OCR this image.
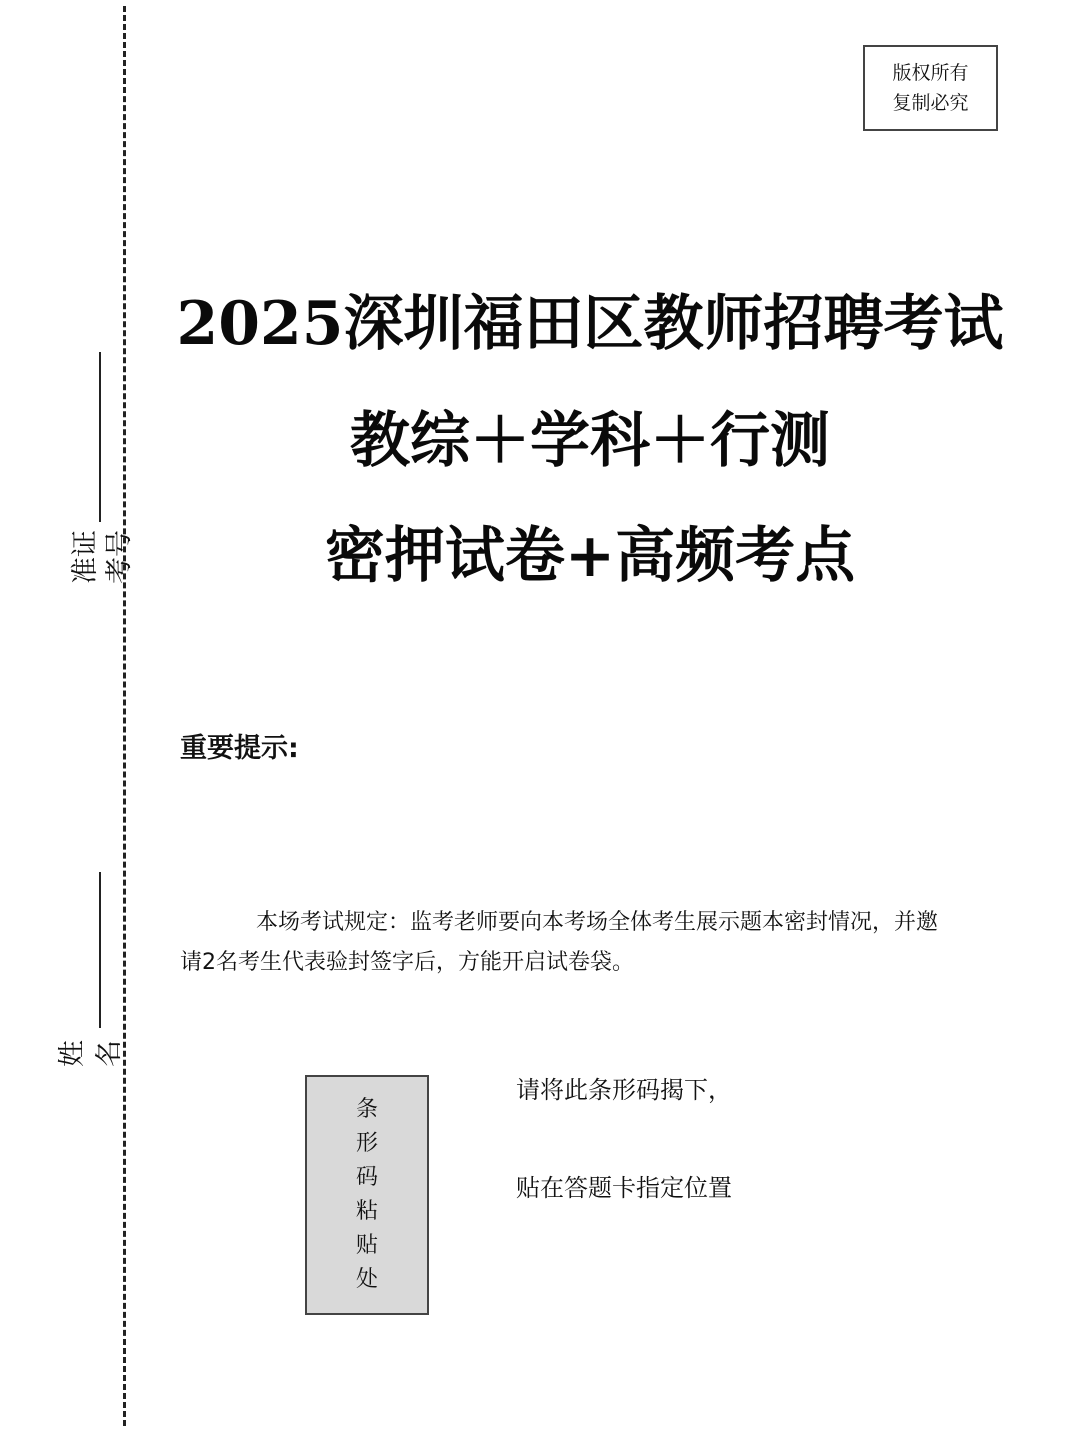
准证 考号
姓 名
版权所有
复制必究
2025深圳福田区教师招聘考试
教综＋学科＋行测
密押试卷+高频考点
重要提示:
本场考试规定：监考老师要向本考场全体考生展示题本密封情况，并邀
请2名考生代表验封签字后，方能开启试卷袋。
条
形
码
粘
贴
处
请将此条形码揭下，
贴在答题卡指定位置
